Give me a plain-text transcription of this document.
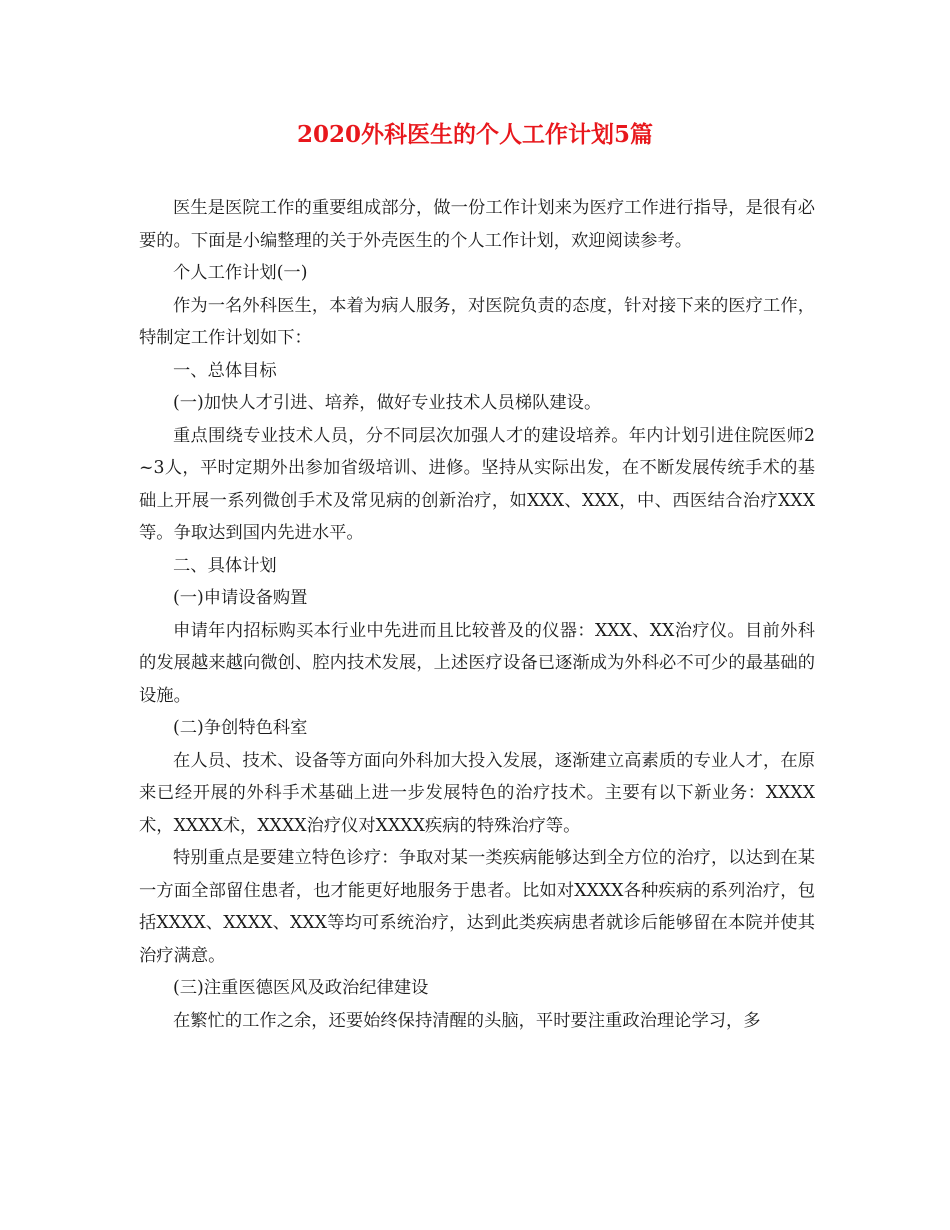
2020外科医生的个人工作计划5篇

医生是医院工作的重要组成部分，做一份工作计划来为医疗工作进行指导，是很有必要的。下面是小编整理的关于外壳医生的个人工作计划，欢迎阅读参考。

个人工作计划(一)

作为一名外科医生，本着为病人服务，对医院负责的态度，针对接下来的医疗工作，特制定工作计划如下：

一、总体目标

(一)加快人才引进、培养，做好专业技术人员梯队建设。

重点围绕专业技术人员，分不同层次加强人才的建设培养。年内计划引进住院医师2~3人，平时定期外出参加省级培训、进修。坚持从实际出发，在不断发展传统手术的基础上开展一系列微创手术及常见病的创新治疗，如XXX、XXX，中、西医结合治疗XXX等。争取达到国内先进水平。

二、具体计划

(一)申请设备购置

申请年内招标购买本行业中先进而且比较普及的仪器：XXX、XX治疗仪。目前外科的发展越来越向微创、腔内技术发展，上述医疗设备已逐渐成为外科必不可少的最基础的设施。

(二)争创特色科室

在人员、技术、设备等方面向外科加大投入发展，逐渐建立高素质的专业人才，在原来已经开展的外科手术基础上进一步发展特色的治疗技术。主要有以下新业务：XXXX术，XXXX术，XXXX治疗仪对XXXX疾病的特殊治疗等。

特别重点是要建立特色诊疗：争取对某一类疾病能够达到全方位的治疗，以达到在某一方面全部留住患者，也才能更好地服务于患者。比如对XXXX各种疾病的系列治疗，包括XXXX、XXXX、XXX等均可系统治疗，达到此类疾病患者就诊后能够留在本院并使其治疗满意。

(三)注重医德医风及政治纪律建设

在繁忙的工作之余，还要始终保持清醒的头脑，平时要注重政治理论学习，多
